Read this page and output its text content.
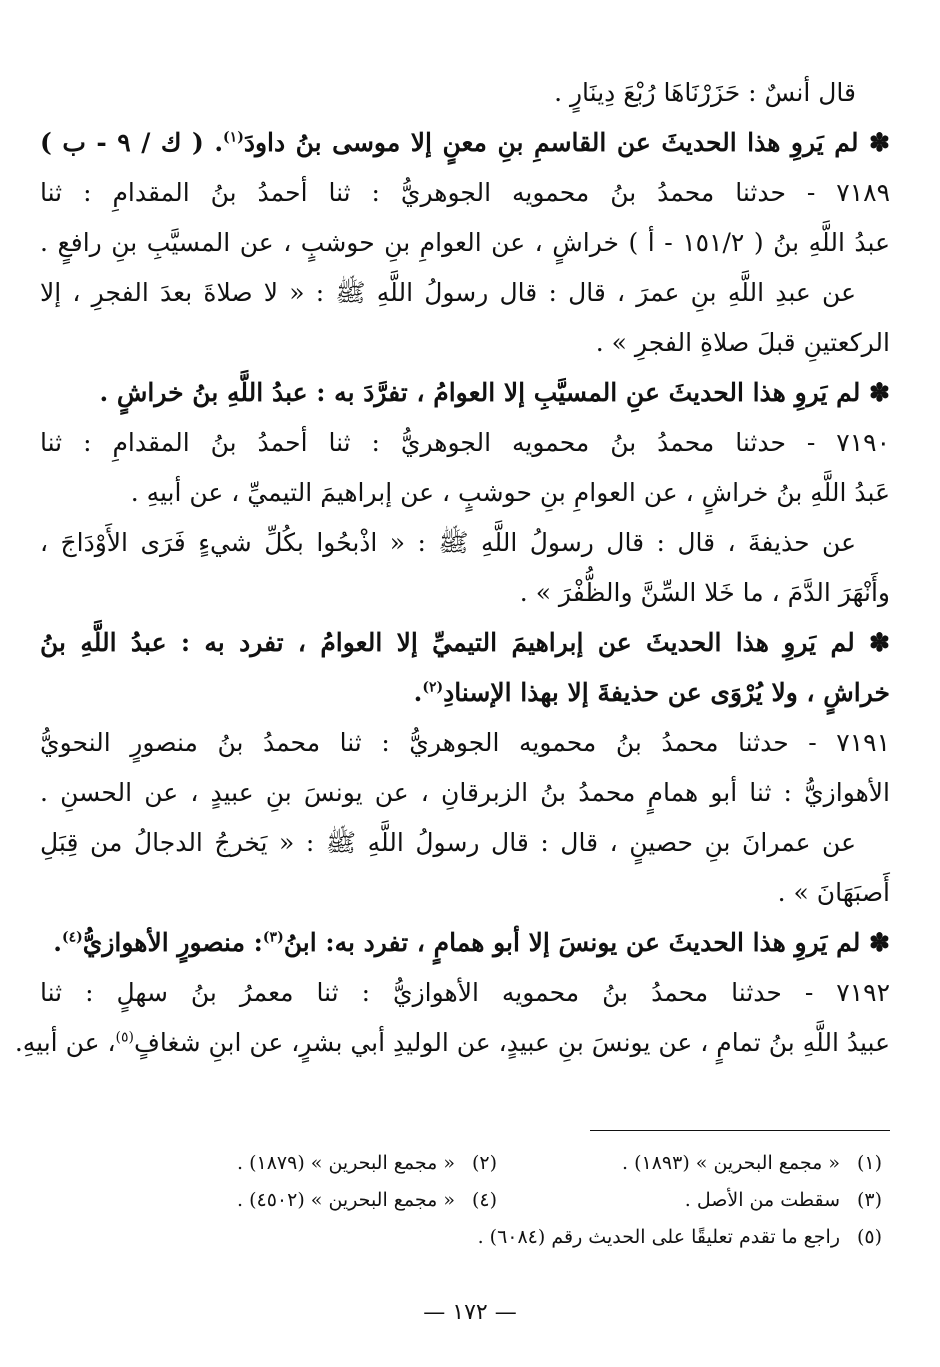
قال أنسٌ : حَزَرْنَاهَا رُبْعَ دِينَارٍ .
✽ لم يَروِ هذا الحديثَ عن القاسمِ بنِ معنٍ إلا موسى بنُ داودَ$^{(١)}$. ( ك / ٩ - ب )
٧١٨٩ - حدثنا محمدُ بنُ محمويه الجوهريُّ : ثنا أحمدُ بنُ المقدامِ : ثنا
عبدُ اللَّهِ بنُ ( ١٥١/٢ - أ ) خراشٍ ، عن العوامِ بنِ حوشبٍ ، عن المسيَّبِ بنِ رافعٍ .
عن عبدِ اللَّهِ بنِ عمرَ ، قال : قال رسولُ اللَّهِ ﷺ : « لا صلاةَ بعدَ الفجرِ ، إلا
الركعتينِ قبلَ صلاةِ الفجرِ » .
✽ لم يَروِ هذا الحديثَ عنِ المسيَّبِ إلا العوامُ ، تفرَّدَ به : عبدُ اللَّهِ بنُ خراشٍ .
٧١٩٠ - حدثنا محمدُ بنُ محمويه الجوهريُّ : ثنا أحمدُ بنُ المقدامِ : ثنا
عَبدُ اللَّهِ بنُ خراشٍ ، عن العوامِ بنِ حوشبٍ ، عن إبراهيمَ التيميِّ ، عن أبيهِ .
عن حذيفةَ ، قال : قال رسولُ اللَّهِ ﷺ : « اذْبحُوا بكُلِّ شيءٍ فَرَى الأَوْدَاجَ ،
وأَنْهَرَ الدَّمَ ، ما خَلا السِّنَّ والظُّفْرَ » .
✽ لم يَروِ هذا الحديثَ عن إبراهيمَ التيميِّ إلا العوامُ ، تفرد به : عبدُ اللَّهِ بنُ
خراشٍ ، ولا يُرْوَى عن حذيفةَ إلا بهذا الإسنادِ$^{(٢)}$.
٧١٩١ - حدثنا محمدُ بنُ محمويه الجوهريُّ : ثنا محمدُ بنُ منصورٍ النحويُّ
الأهوازيُّ : ثنا أبو همامٍ محمدُ بنُ الزبرقانِ ، عن يونسَ بنِ عبيدٍ ، عن الحسنِ .
عن عمرانَ بنِ حصينٍ ، قال : قال رسولُ اللَّهِ ﷺ : « يَخرجُ الدجالُ من قِبَلِ
أَصبَهَانَ » .
✽ لم يَروِ هذا الحديثَ عن يونسَ إلا أبو همامٍ ، تفرد به: ابنُ$^{(٣)}$: منصورٍ الأهوازيُّ$^{(٤)}$.
٧١٩٢ - حدثنا محمدُ بنُ محمويه الأهوازيُّ : ثنا معمرُ بنُ سهلٍ : ثنا
عبيدُ اللَّهِ بنُ تمامٍ ، عن يونسَ بنِ عبيدٍ، عن الوليدِ أبي بشرٍ، عن ابنِ شغافٍ$^{(٥)}$، عن أبيهِ.
(١)« مجمع البحرين » (١٨٩٣) .
(٢)« مجمع البحرين » (١٨٧٩) .
(٣)سقطت من الأصل .
(٤)« مجمع البحرين » (٤٥٠٢) .
(٥)راجع ما تقدم تعليقًا على الحديث رقم (٦٠٨٤) .
— ١٧٢ —
